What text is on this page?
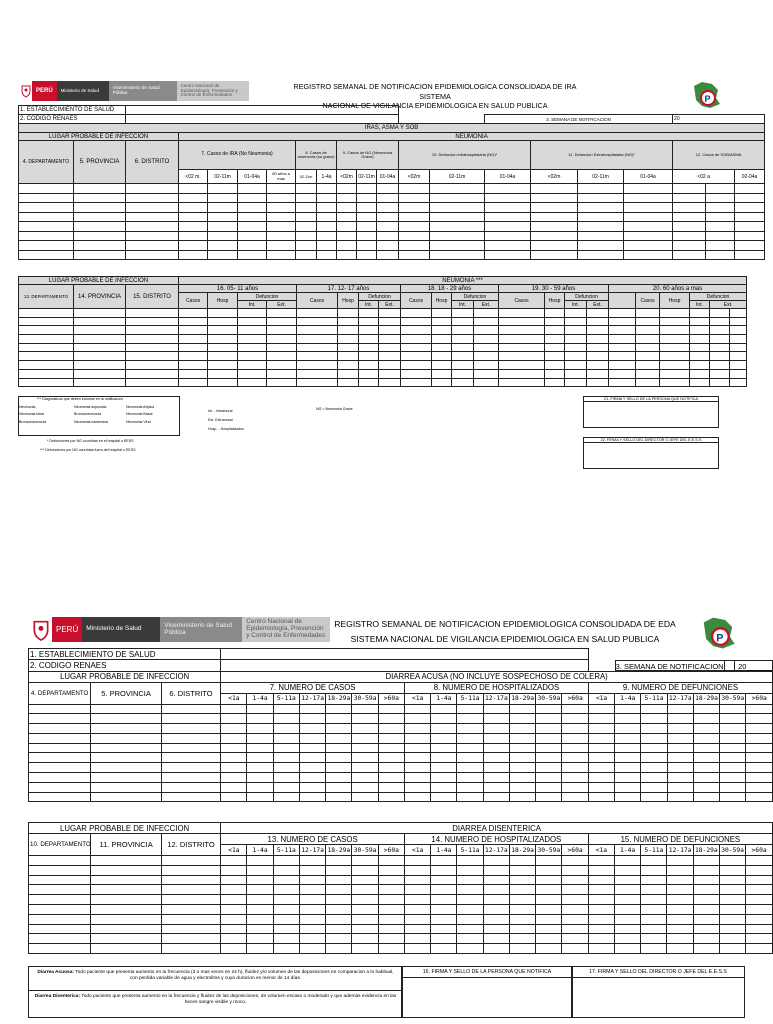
PERÚ	Ministerio de Salud	Viceministerio de Salud Pública
Centro Nacional de Epidemiología, Prevención y Control de Enfermedades
REGISTRO SEMANAL DE NOTIFICACION EPIDEMIOLOGICA CONSOLIDADA DE IRA SISTEMA
NACIONAL DE VIGILANCIA EPIDEMIOLOGICA EN SALUD PUBLICA
P
1. ESTABLECIMIENTO DE SALUD																					
2. CODIGO RENAES														3. SEMANA DE NOTIFICACION				20			
IRAS, ASMA Y SOB																					
LUGAR PROBABLE DE INFECCION			NEUMONIA																		
4. DEPARTAMENTO	5. PROVINCIA	6. DISTRITO	7. Casos de IRA (No Neumonia)				8. Casos de neumonía (no grave)		9. Casos de NG (Neumonía Grave)			10. Defuncion intrahospitalaria (NG)*			11. Defuncion Extrahospitalaria (NG)*			12. Casos de SOB/ASMA			
			<02 m.	02-11m	01-04a	60 años a mas	02-11m	1-4a	<02m	02-11m	01-04a	<02m	02-11m	01-04a	<02m	02-11m	01-04a	<02 a		02-04a	

LUGAR PROBABLE DE INFECCION			NEUMONIA ***																					
13. DEPARTAMENTO	14. PROVINCIA	15. DISTRITO	16. 05- 11 años				17. 12- 17 años				18. 18 - 29 años				19. 30 - 59 años				20. 60 años a mas					
			Casos	Hosp	Defuncion		Casos	Hosp	Defuncion		Casos	Hosp	Defuncion		Casos	Hosp	Defuncion			Casos	Hosp	Defuncion		
					Int.	Ext.			Int.	Ext.			Int.	Ext.			Int.	Ext.				Int.	Ext.	

*** Diagnosticos que deben incluirse en la notificacion
Neumonia	Neumonia supurada	Neumonia Atípica
Neumonia lobar	Bronconeumonia	Neumonia Basal
Bronconeumonia	Neumonia bacteriana	Neumonia Viral
Int. - Intramural
Ext. Extramural
Hosp. - Hospitalizados
NG = Neumonia Grave
* Defunciones por NG ocurridas en el hospital o EESS
*** Defunciones por NG ocurridas fuera del hospital o EESS
21. FIRMA Y SELLO DE LA PERSONA QUE NOTIFICA
22. FIRMA Y SELLO DEL DIRECTOR O JEFE DEL E.E.S.S
PERÚ	Ministerio de Salud	Viceministerio de Salud Pública
Centro Nacional de Epidemiología, Prevención y Control de Enfermedades
REGISTRO SEMANAL DE NOTIFICACION EPIDEMIOLOGICA CONSOLIDADA DE EDA
SISTEMA NACIONAL DE VIGILANCIA EPIDEMIOLOGICA EN SALUD PUBLICA	P
1. ESTABLECIMIENTO DE SALUD																							
2. CODIGO RENAES																		3. SEMANA DE NOTIFICACION 20______					

LUGAR PROBABLE DE INFECCION			DIARREA ACUSA (NO INCLUYE SOSPECHOSO DE COLERA)																				
4. DEPARTAMENTO	5. PROVINCIA	6. DISTRITO	7. NUMERO DE CASOS							8. NUMERO DE HOSPITALIZADOS							9. NUMERO DE DEFUNCIONES						
			<1a	1-4a	5-11a	12-17a	18-29a	30-59a	>60a	<1a	1-4a	5-11a	12-17a	18-29a	30-59a	>60a	<1a	1-4a	5-11a	12-17a	18-29a	30-59a	>60a

LUGAR PROBABLE DE INFECCION			DIARREA DISENTERICA																				
10. DEPARTAMENTO	11. PROVINCIA	12. DISTRITO	13. NUMERO DE CASOS							14. NUMERO DE HOSPITALIZADOS							15. NUMERO DE DEFUNCIONES						
			<1a	1-4a	5-11a	12-17a	18-29a	30-59a	>60a	<1a	1-4a	5-11a	12-17a	18-29a	30-59a	>60a	<1a	1-4a	5-11a	12-17a	18-29a	30-59a	>60a

Diarrea Acuosa: Todo paciente que presenta aumento en la frecuencia (3 o mas veces en 24 h), fluidez y/o volumen de las deposiciones en comparacion a lo habitual, con perdida variable de agua y electrolitos y cuya duracion es menor de 14 días.
Diarrea Disenterica: Todo paciente que presenta aumento en la frecuencia y fluidez de las deposiciones, de volumen escaso o moderado y que ademàs evidencia en las heces sangre visible y moco.
16. FIRMA Y SELLO DE LA PERSONA QUE NOTIFICA	17. FIRMA Y SELLO DEL DIRECTOR O JEFE DEL E.E.S.S
